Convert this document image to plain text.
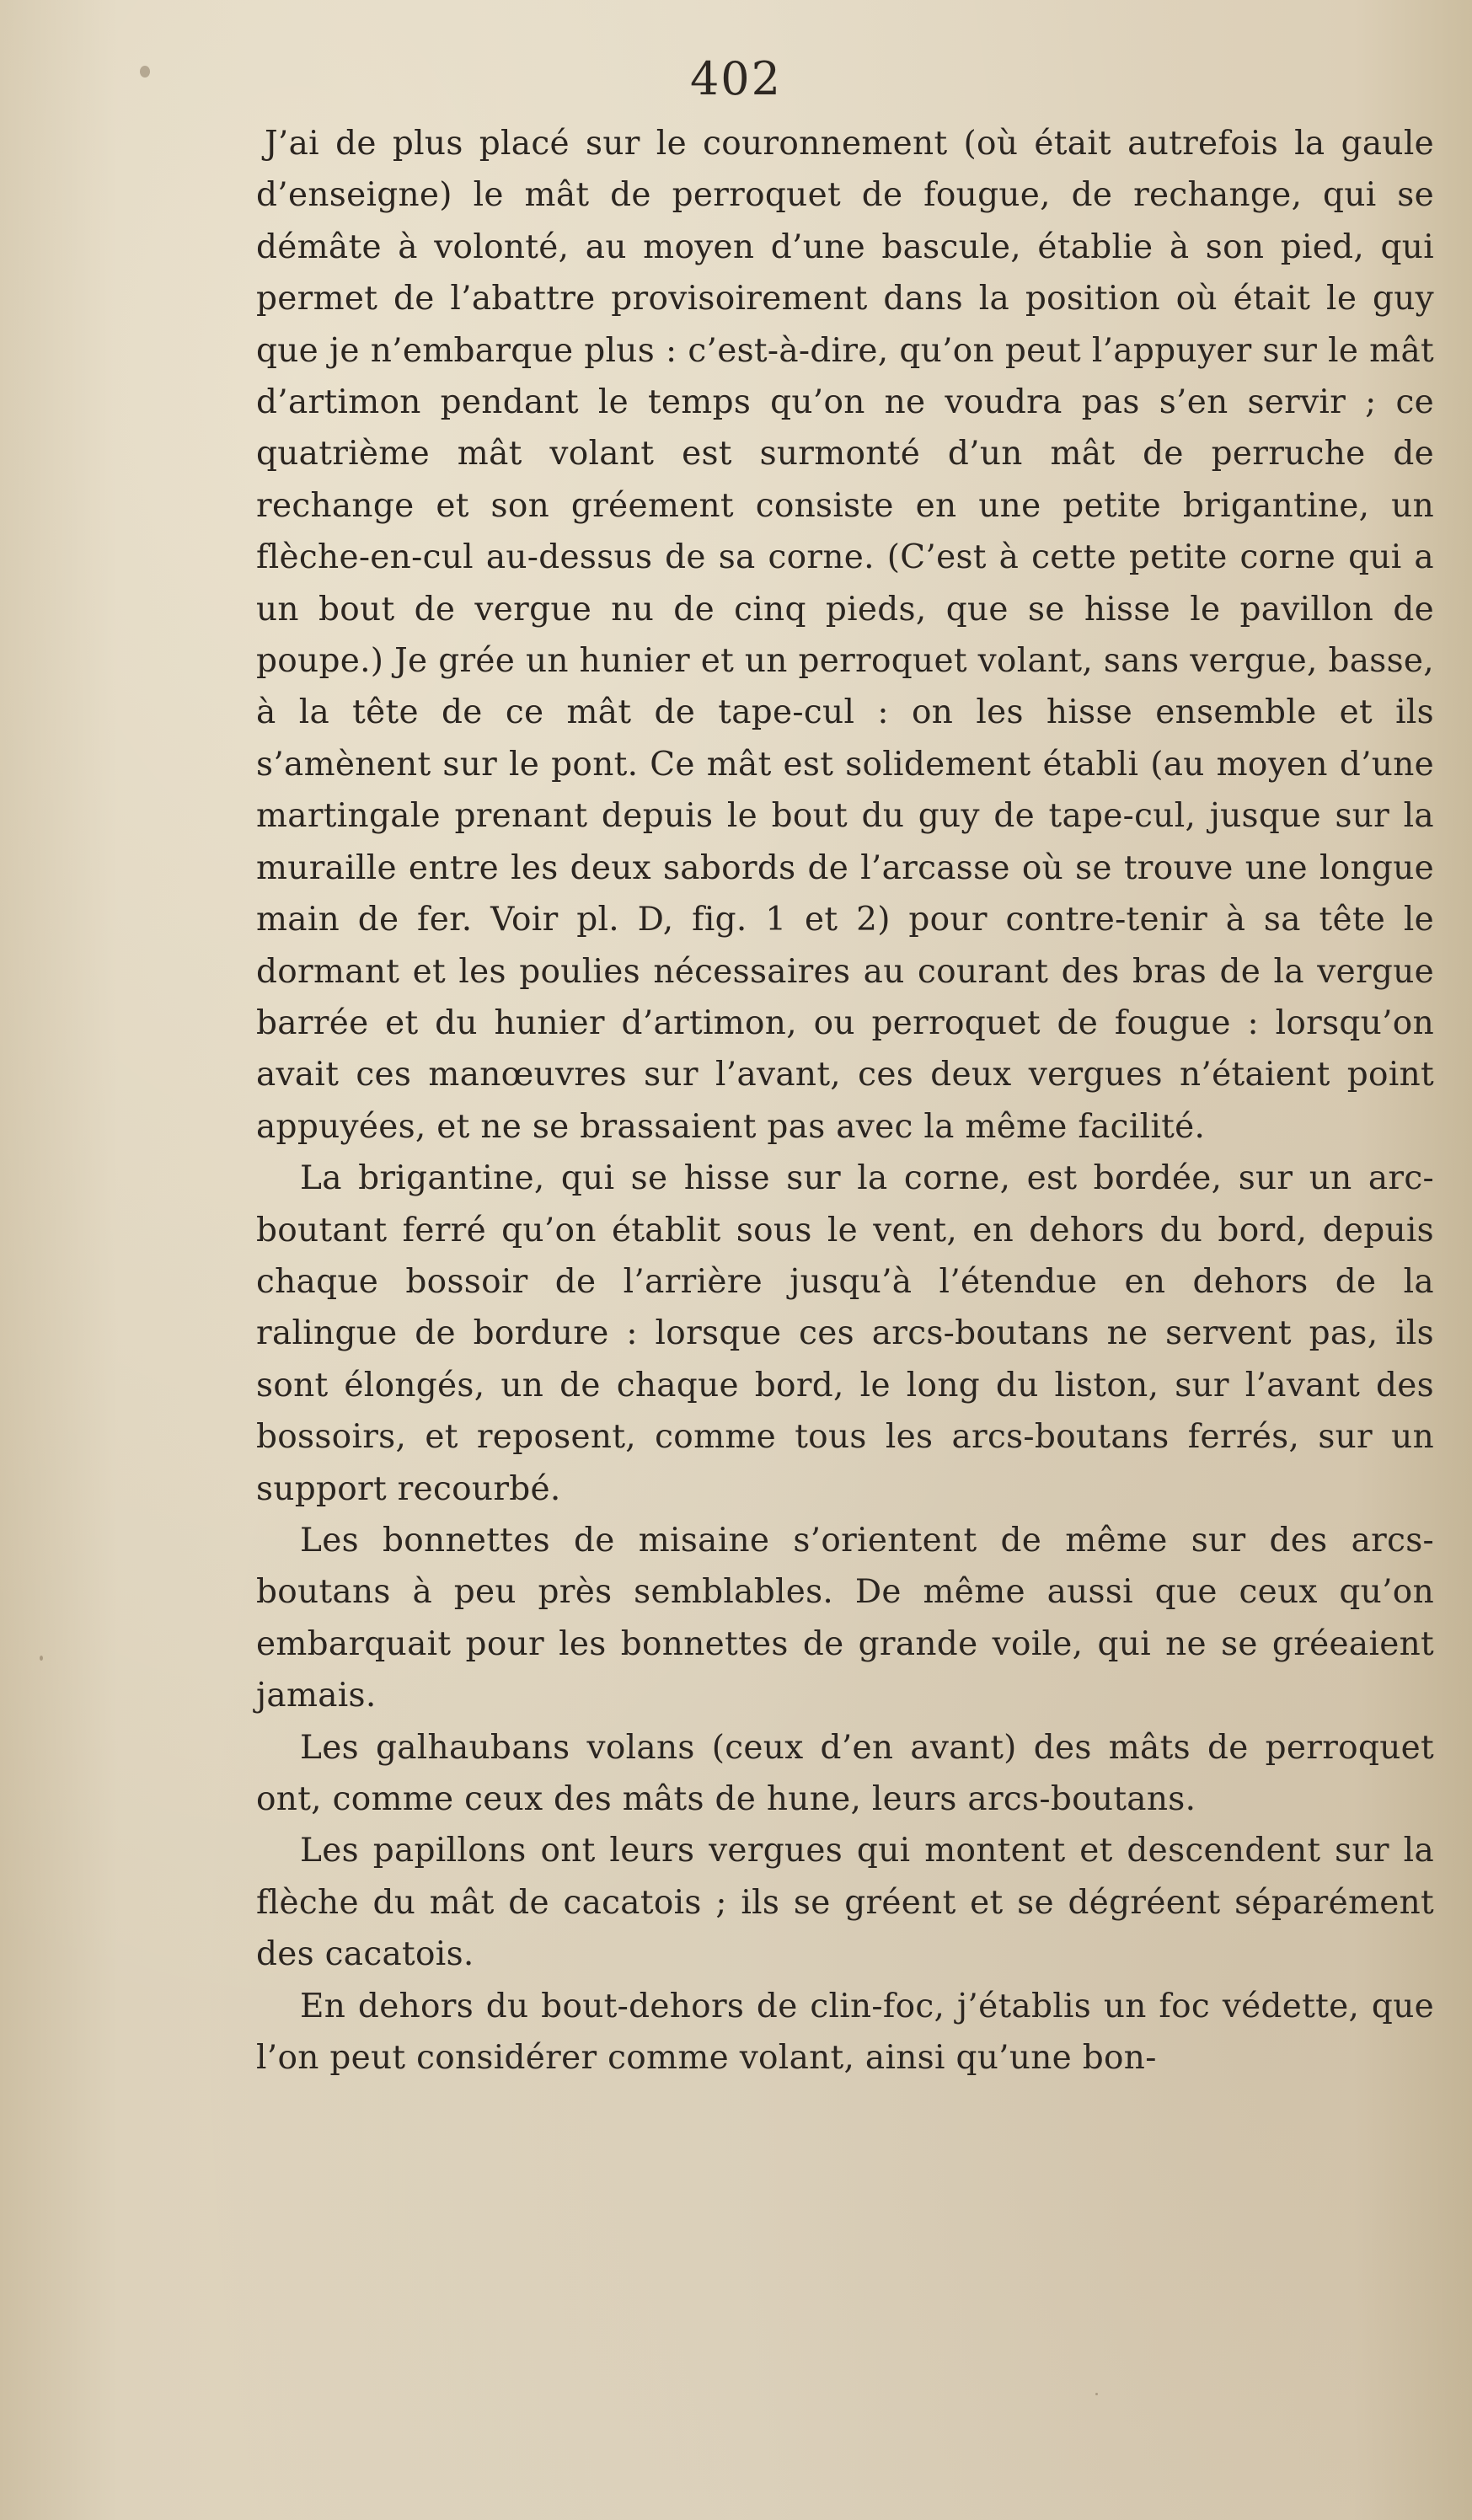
402

J’ai de plus placé sur le couronnement (où était autrefois la gaule d’enseigne) le mât de perroquet de fougue, de rechange, qui se démâte à volonté, au moyen d’une bascule, établie à son pied, qui permet de l’abattre provisoirement dans la position où était le guy que je n’embarque plus : c’est-à-dire, qu’on peut l’appuyer sur le mât d’artimon pendant le temps qu’on ne voudra pas s’en servir ; ce quatrième mât volant est surmonté d’un mât de perruche de rechange et son gréement consiste en une petite brigantine, un flèche-en-cul au-dessus de sa corne. (C’est à cette petite corne qui a un bout de vergue nu de cinq pieds, que se hisse le pavillon de poupe.) Je grée un hunier et un perroquet volant, sans vergue, basse, à la tête de ce mât de tape-cul : on les hisse ensemble et ils s’amènent sur le pont. Ce mât est solidement établi (au moyen d’une martingale prenant depuis le bout du guy de tape-cul, jusque sur la muraille entre les deux sabords de l’arcasse où se trouve une longue main de fer. Voir pl. D, fig. 1 et 2) pour contre-tenir à sa tête le dormant et les poulies nécessaires au courant des bras de la vergue barrée et du hunier d’artimon, ou perroquet de fougue : lorsqu’on avait ces manœuvres sur l’avant, ces deux vergues n’étaient point appuyées, et ne se brassaient pas avec la même facilité.

La brigantine, qui se hisse sur la corne, est bordée, sur un arc-boutant ferré qu’on établit sous le vent, en dehors du bord, depuis chaque bossoir de l’arrière jusqu’à l’étendue en dehors de la ralingue de bordure : lorsque ces arcs-boutans ne servent pas, ils sont élongés, un de chaque bord, le long du liston, sur l’avant des bossoirs, et reposent, comme tous les arcs-boutans ferrés, sur un support recourbé.

Les bonnettes de misaine s’orientent de même sur des arcs-boutans à peu près semblables. De même aussi que ceux qu’on embarquait pour les bonnettes de grande voile, qui ne se gréeaient jamais.

Les galhaubans volans (ceux d’en avant) des mâts de perroquet ont, comme ceux des mâts de hune, leurs arcs-boutans.

Les papillons ont leurs vergues qui montent et descendent sur la flèche du mât de cacatois ; ils se gréent et se dégréent séparément des cacatois.

En dehors du bout-dehors de clin-foc, j’établis un foc védette, que l’on peut considérer comme volant, ainsi qu’une bon-
